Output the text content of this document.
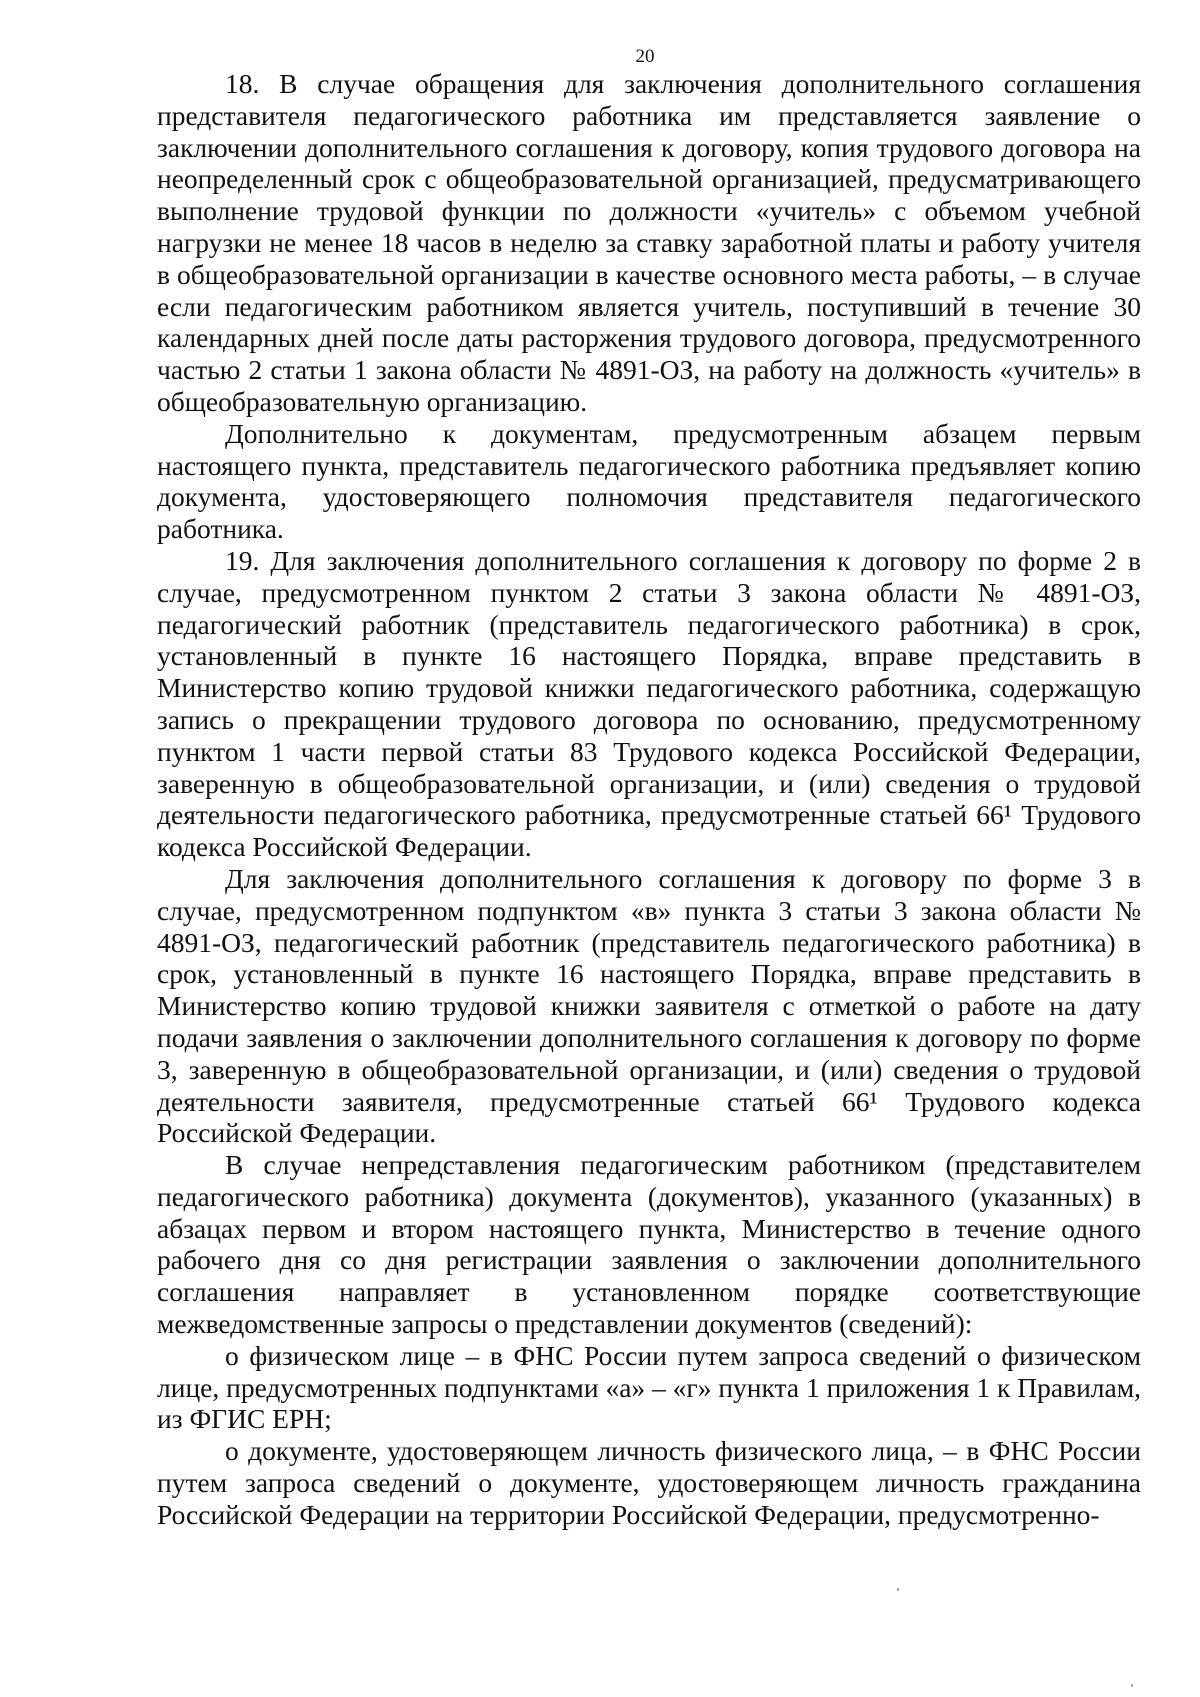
20

18. В случае обращения для заключения дополнительного соглашения представителя педагогического работника им представляется заявление о заключении дополнительного соглашения к договору, копия трудового договора на неопределенный срок с общеобразовательной организацией, предусматривающего выполнение трудовой функции по должности «учитель» с объемом учебной нагрузки не менее 18 часов в неделю за ставку заработной платы и работу учителя в общеобразовательной организации в качестве основного места работы, – в случае если педагогическим работником является учитель, поступивший в течение 30 календарных дней после даты расторжения трудового договора, предусмотренного частью 2 статьи 1 закона области № 4891-ОЗ, на работу на должность «учитель» в общеобразовательную организацию.

Дополнительно к документам, предусмотренным абзацем первым настоящего пункта, представитель педагогического работника предъявляет копию документа, удостоверяющего полномочия представителя педагогического работника.

19. Для заключения дополнительного соглашения к договору по форме 2 в случае, предусмотренном пунктом 2 статьи 3 закона области № 4891-ОЗ, педагогический работник (представитель педагогического работника) в срок, установленный в пункте 16 настоящего Порядка, вправе представить в Министерство копию трудовой книжки педагогического работника, содержащую запись о прекращении трудового договора по основанию, предусмотренному пунктом 1 части первой статьи 83 Трудового кодекса Российской Федерации, заверенную в общеобразовательной организации, и (или) сведения о трудовой деятельности педагогического работника, предусмотренные статьей 66¹ Трудового кодекса Российской Федерации.

Для заключения дополнительного соглашения к договору по форме 3 в случае, предусмотренном подпунктом «в» пункта 3 статьи 3 закона области № 4891-ОЗ, педагогический работник (представитель педагогического работника) в срок, установленный в пункте 16 настоящего Порядка, вправе представить в Министерство копию трудовой книжки заявителя с отметкой о работе на дату подачи заявления о заключении дополнительного соглашения к договору по форме 3, заверенную в общеобразовательной организации, и (или) сведения о трудовой деятельности заявителя, предусмотренные статьей 66¹ Трудового кодекса Российской Федерации.

В случае непредставления педагогическим работником (представителем педагогического работника) документа (документов), указанного (указанных) в абзацах первом и втором настоящего пункта, Министерство в течение одного рабочего дня со дня регистрации заявления о заключении дополнительного соглашения направляет в установленном порядке соответствующие межведомственные запросы о представлении документов (сведений):

о физическом лице – в ФНС России путем запроса сведений о физическом лице, предусмотренных подпунктами «а» – «г» пункта 1 приложения 1 к Правилам, из ФГИС ЕРН;

о документе, удостоверяющем личность физического лица, – в ФНС России путем запроса сведений о документе, удостоверяющем личность гражданина Российской Федерации на территории Российской Федерации, предусмотренно-
